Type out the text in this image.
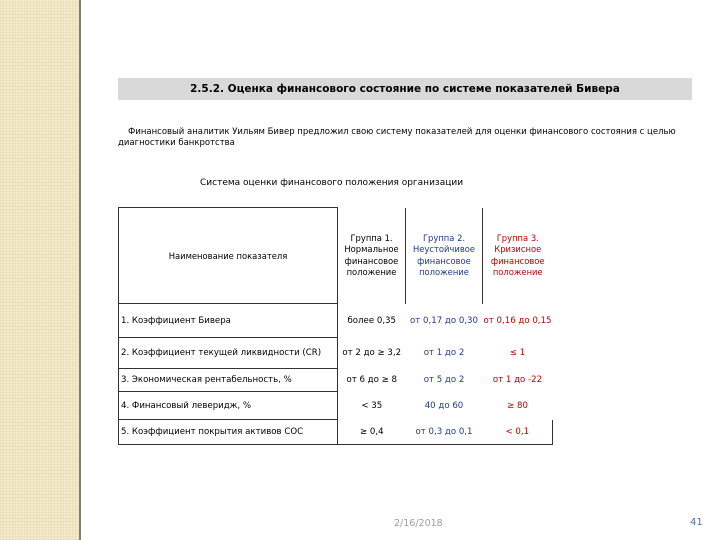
2.5.2. Оценка финансового состояние по системе показателей Бивера
Финансовый аналитик Уильям Бивер предложил свою систему показателей для оценки финансового состояния с целью диагностики банкротства
Система оценки финансового положения организации
Наименование показателя	Группа 1. Нормальное финансовое положение	Группа 2. Неустойчивое финансовое положение	Группа 3. Кризисное финансовое положение
1. Коэффициент Бивера	более 0,35	от 0,17 до 0,30	от 0,16 до 0,15
2. Коэффициент текущей ликвидности (CR)	от 2 до ≥ 3,2	от 1 до 2	≤ 1
3. Экономическая рентабельность, %	от 6 до ≥ 8	от 5 до 2	от 1 до -22
4. Финансовый леверидж, %	< 35	40 до 60	≥ 80
5. Коэффициент покрытия активов СОС	≥ 0,4	от 0,3 до 0,1	< 0,1
2/16/2018	41
